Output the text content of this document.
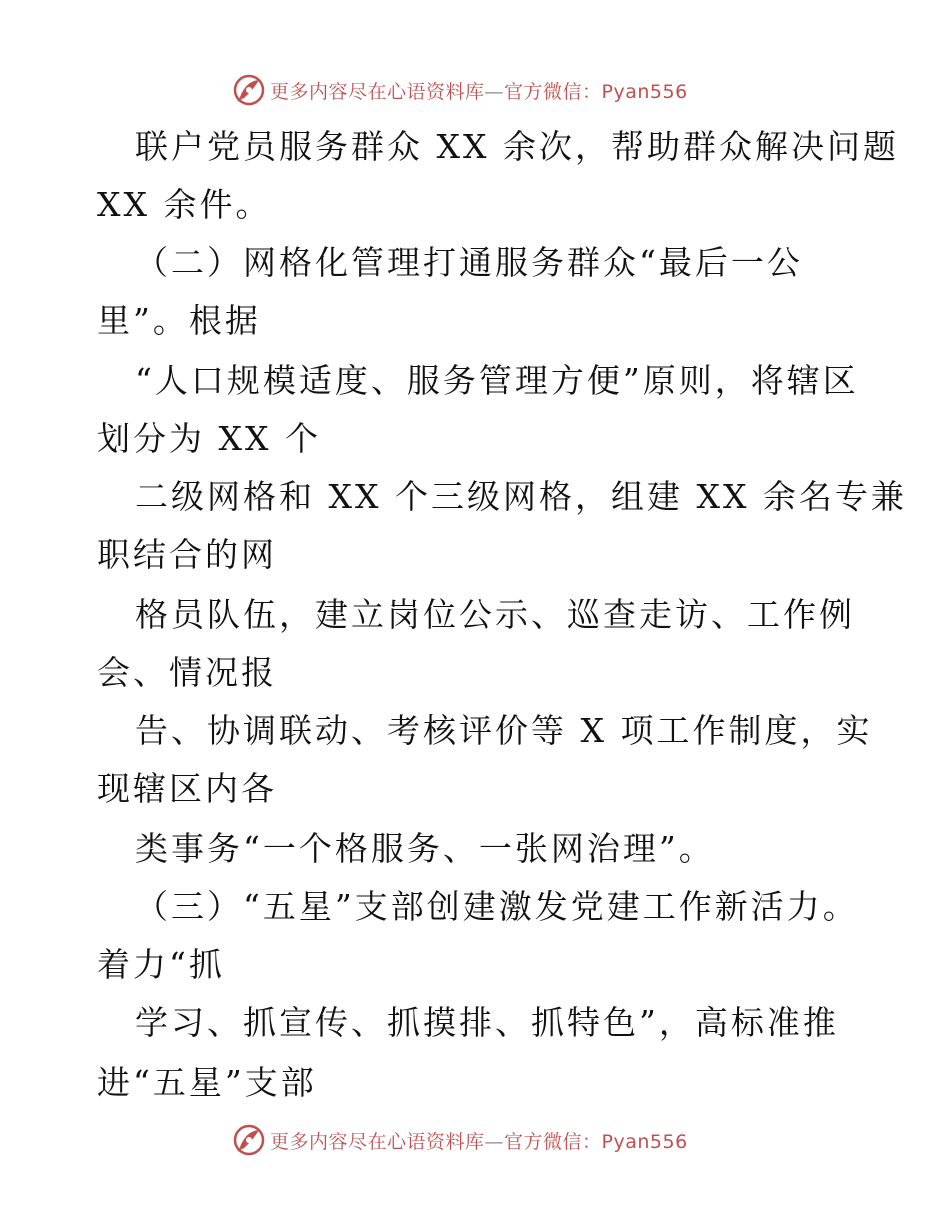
更多内容尽在心语资料库—官方微信：Pyan556
联户党员服务群众 XX 余次，帮助群众解决问题
XX 余件。
（二）网格化管理打通服务群众“最后一公
里”。根据
“人口规模适度、服务管理方便”原则，将辖区
划分为 XX 个
二级网格和 XX 个三级网格，组建 XX 余名专兼
职结合的网
格员队伍，建立岗位公示、巡查走访、工作例
会、情况报
告、协调联动、考核评价等 X 项工作制度，实
现辖区内各
类事务“一个格服务、一张网治理”。
（三）“五星”支部创建激发党建工作新活力。
着力“抓
学习、抓宣传、抓摸排、抓特色”，高标准推
进“五星”支部
更多内容尽在心语资料库—官方微信：Pyan556
